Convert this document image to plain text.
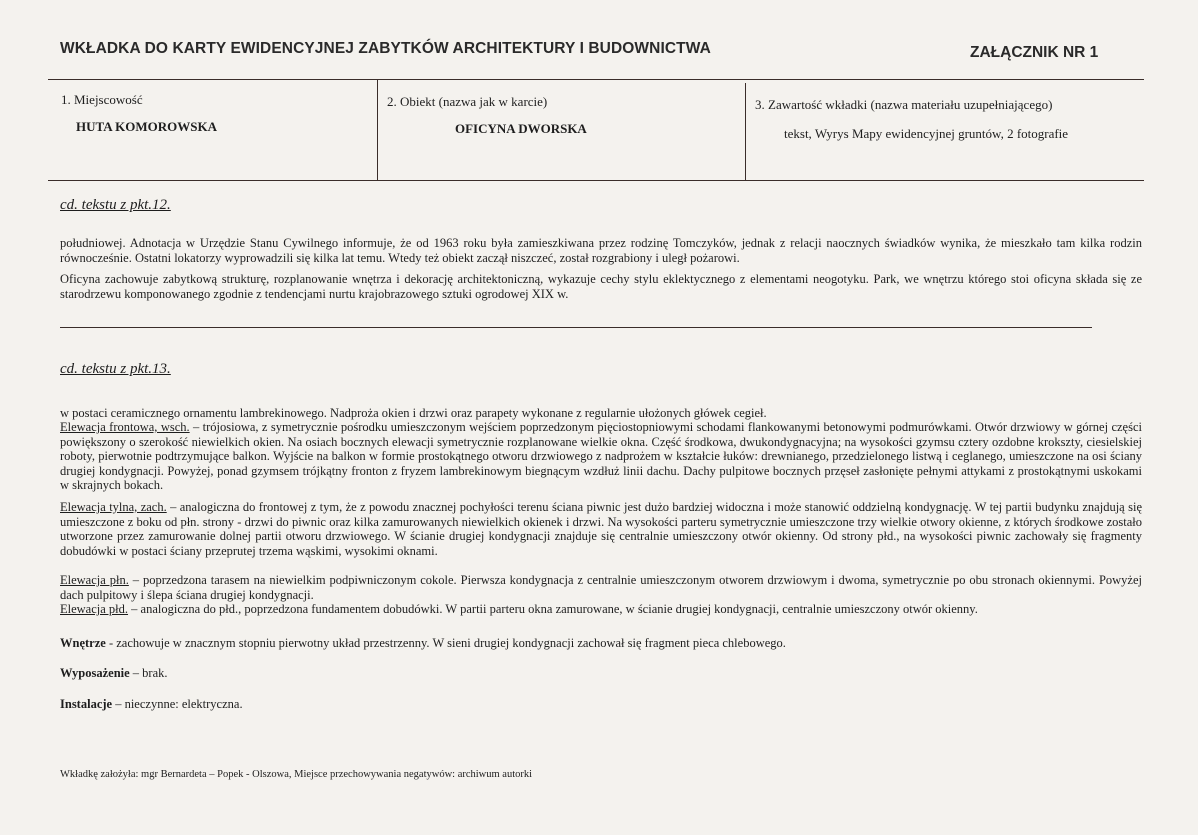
WKŁADKA DO KARTY EWIDENCYJNEJ ZABYTKÓW ARCHITEKTURY I BUDOWNICTWA	ZAŁĄCZNIK NR 1
1. Miejscowość
HUTA KOMOROWSKA
2. Obiekt (nazwa jak w karcie)
OFICYNA DWORSKA
3. Zawartość wkładki (nazwa materiału uzupełniającego)
tekst, Wyrys Mapy ewidencyjnej gruntów, 2 fotografie
cd. tekstu z pkt.12.

południowej. Adnotacja w Urzędzie Stanu Cywilnego informuje, że od 1963 roku była zamieszkiwana przez rodzinę Tomczyków, jednak z relacji naocznych świadków wynika, że mieszkało tam kilka rodzin równocześnie. Ostatni lokatorzy wyprowadzili się kilka lat temu. Wtedy też obiekt zaczął niszczeć, został rozgrabiony i uległ pożarowi.

Oficyna zachowuje zabytkową strukturę, rozplanowanie wnętrza i dekorację architektoniczną, wykazuje cechy stylu eklektycznego z elementami neogotyku. Park, we wnętrzu którego stoi oficyna składa się ze starodrzewu komponowanego zgodnie z tendencjami nurtu krajobrazowego sztuki ogrodowej XIX w.

cd. tekstu z pkt.13.

w postaci ceramicznego ornamentu lambrekinowego. Nadproża okien i drzwi oraz parapety wykonane z regularnie ułożonych główek cegieł.

Elewacja frontowa, wsch. – trójosiowa, z symetrycznie pośrodku umieszczonym wejściem poprzedzonym pięciostopniowymi schodami flankowanymi betonowymi podmurówkami. Otwór drzwiowy w górnej części powiększony o szerokość niewielkich okien. Na osiach bocznych elewacji symetrycznie rozplanowane wielkie okna. Część środkowa, dwukondygnacyjna; na wysokości gzymsu cztery ozdobne krokszty, ciesielskiej roboty, pierwotnie podtrzymujące balkon. Wyjście na balkon w formie prostokątnego otworu drzwiowego z nadprożem w kształcie łuków: drewnianego, przedzielonego listwą i ceglanego, umieszczone na osi ściany drugiej kondygnacji. Powyżej, ponad gzymsem trójkątny fronton z fryzem lambrekinowym biegnącym wzdłuż linii dachu. Dachy pulpitowe bocznych przęseł zasłonięte pełnymi attykami z prostokątnymi uskokami w skrajnych bokach.

Elewacja tylna, zach. – analogiczna do frontowej z tym, że z powodu znacznej pochyłości terenu ściana piwnic jest dużo bardziej widoczna i może stanowić oddzielną kondygnację. W tej partii budynku znajdują się umieszczone z boku od płn. strony - drzwi do piwnic oraz kilka zamurowanych niewielkich okienek i drzwi. Na wysokości parteru symetrycznie umieszczone trzy wielkie otwory okienne, z których środkowe zostało utworzone przez zamurowanie dolnej partii otworu drzwiowego. W ścianie drugiej kondygnacji znajduje się centralnie umieszczony otwór okienny. Od strony płd., na wysokości piwnic zachowały się fragmenty dobudówki w postaci ściany przeprutej trzema wąskimi, wysokimi oknami.

Elewacja płn. – poprzedzona tarasem na niewielkim podpiwniczonym cokole. Pierwsza kondygnacja z centralnie umieszczonym otworem drzwiowym i dwoma, symetrycznie po obu stronach okiennymi. Powyżej dach pulpitowy i ślepa ściana drugiej kondygnacji.

Elewacja płd. – analogiczna do płd., poprzedzona fundamentem dobudówki. W partii parteru okna zamurowane, w ścianie drugiej kondygnacji, centralnie umieszczony otwór okienny.

Wnętrze - zachowuje w znacznym stopniu pierwotny układ przestrzenny. W sieni drugiej kondygnacji zachował się fragment pieca chlebowego.
Wyposażenie – brak.
Instalacje – nieczynne: elektryczna.
Wkładkę założyła: mgr Bernardeta – Popek - Olszowa, Miejsce przechowywania negatywów: archiwum autorki
